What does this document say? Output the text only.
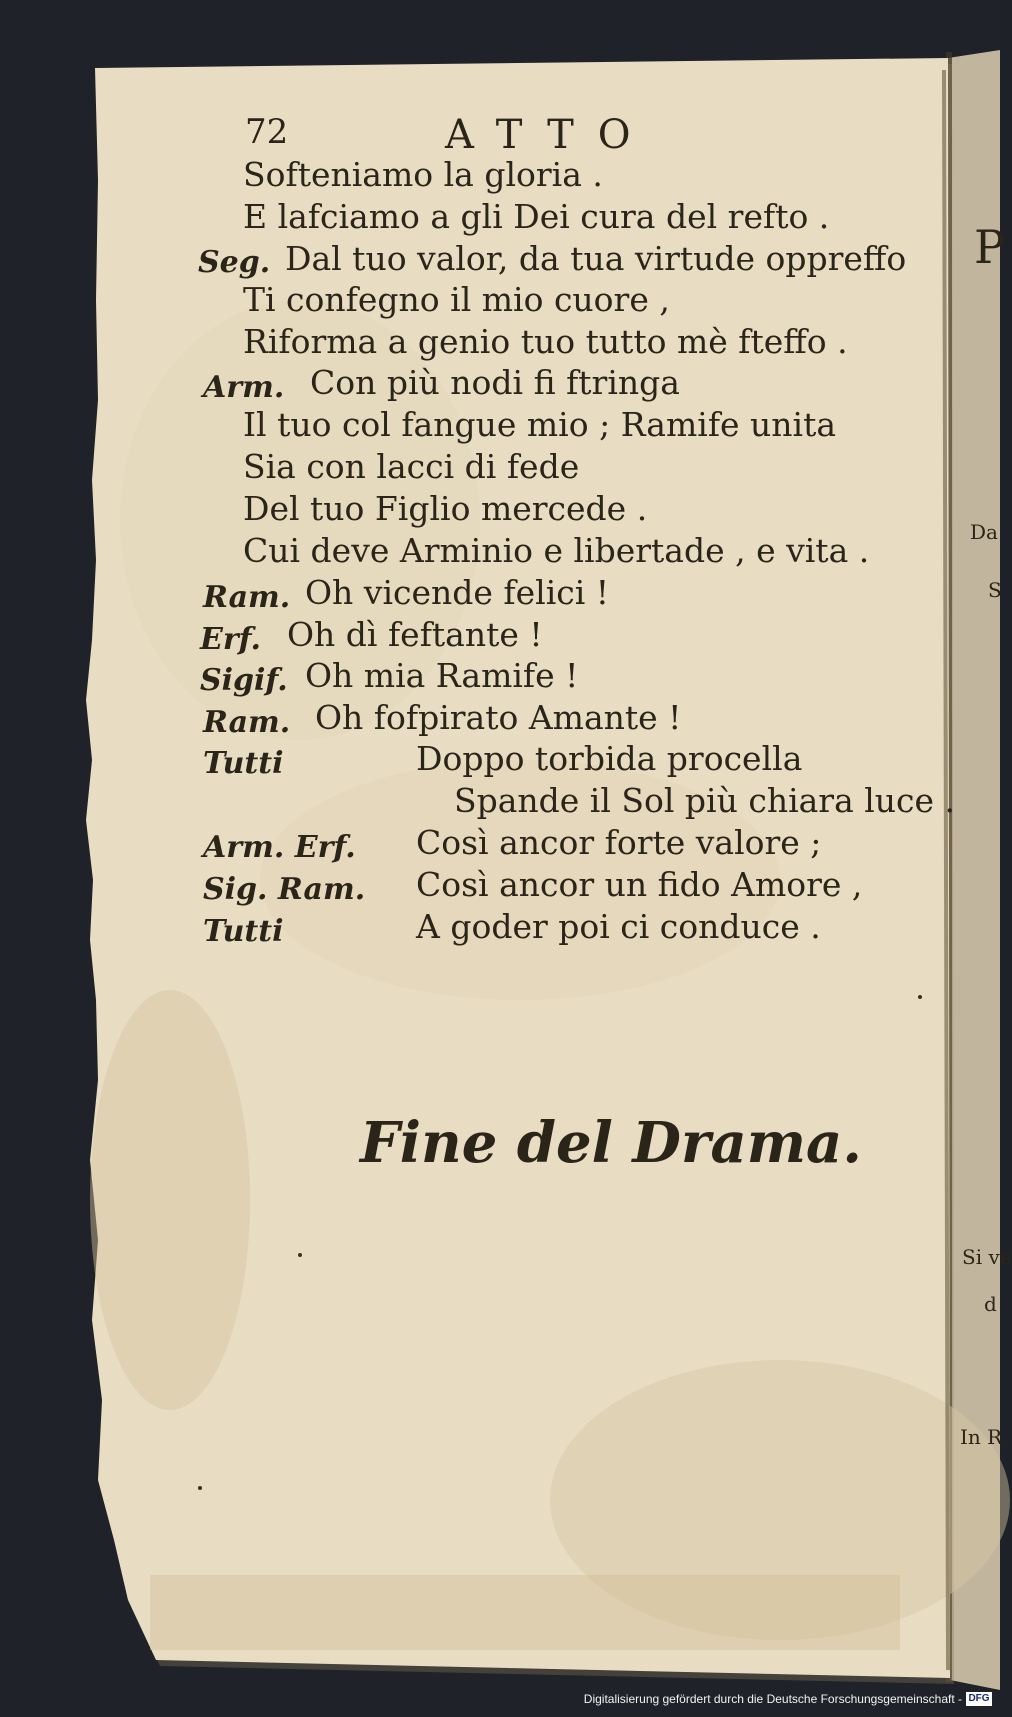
72	ATTO
Softeniamo la gloria .
E lafciamo a gli Dei cura del refto .
Seg. Dal tuo valor, da tua virtude oppreffo
Ti confegno il mio cuore ,
Riforma a genio tuo tutto mè fteffo .
Arm. Con più nodi fi ftringa
Il tuo col fangue mio ; Ramife unita
Sia con lacci di fede
Del tuo Figlio mercede .
Cui deve Arminio e libertade , e vita .
Ram. Oh vicende felici !
Erf. Oh dì feftante !
Sigif. Oh mia Ramife !
Ram. Oh fofpirato Amante !
Tutti	Doppo torbida procella
Spande il Sol più chiara luce .
Arm. Erf. Così ancor forte valore ;
Sig. Ram. Così ancor un fido Amore ,
Tutti	A goder poi ci conduce .
Fine del Drama.
P
Da
S
Si ve
d
In R
Digitalisierung gefördert durch die Deutsche Forschungsgemeinschaft - DFG
